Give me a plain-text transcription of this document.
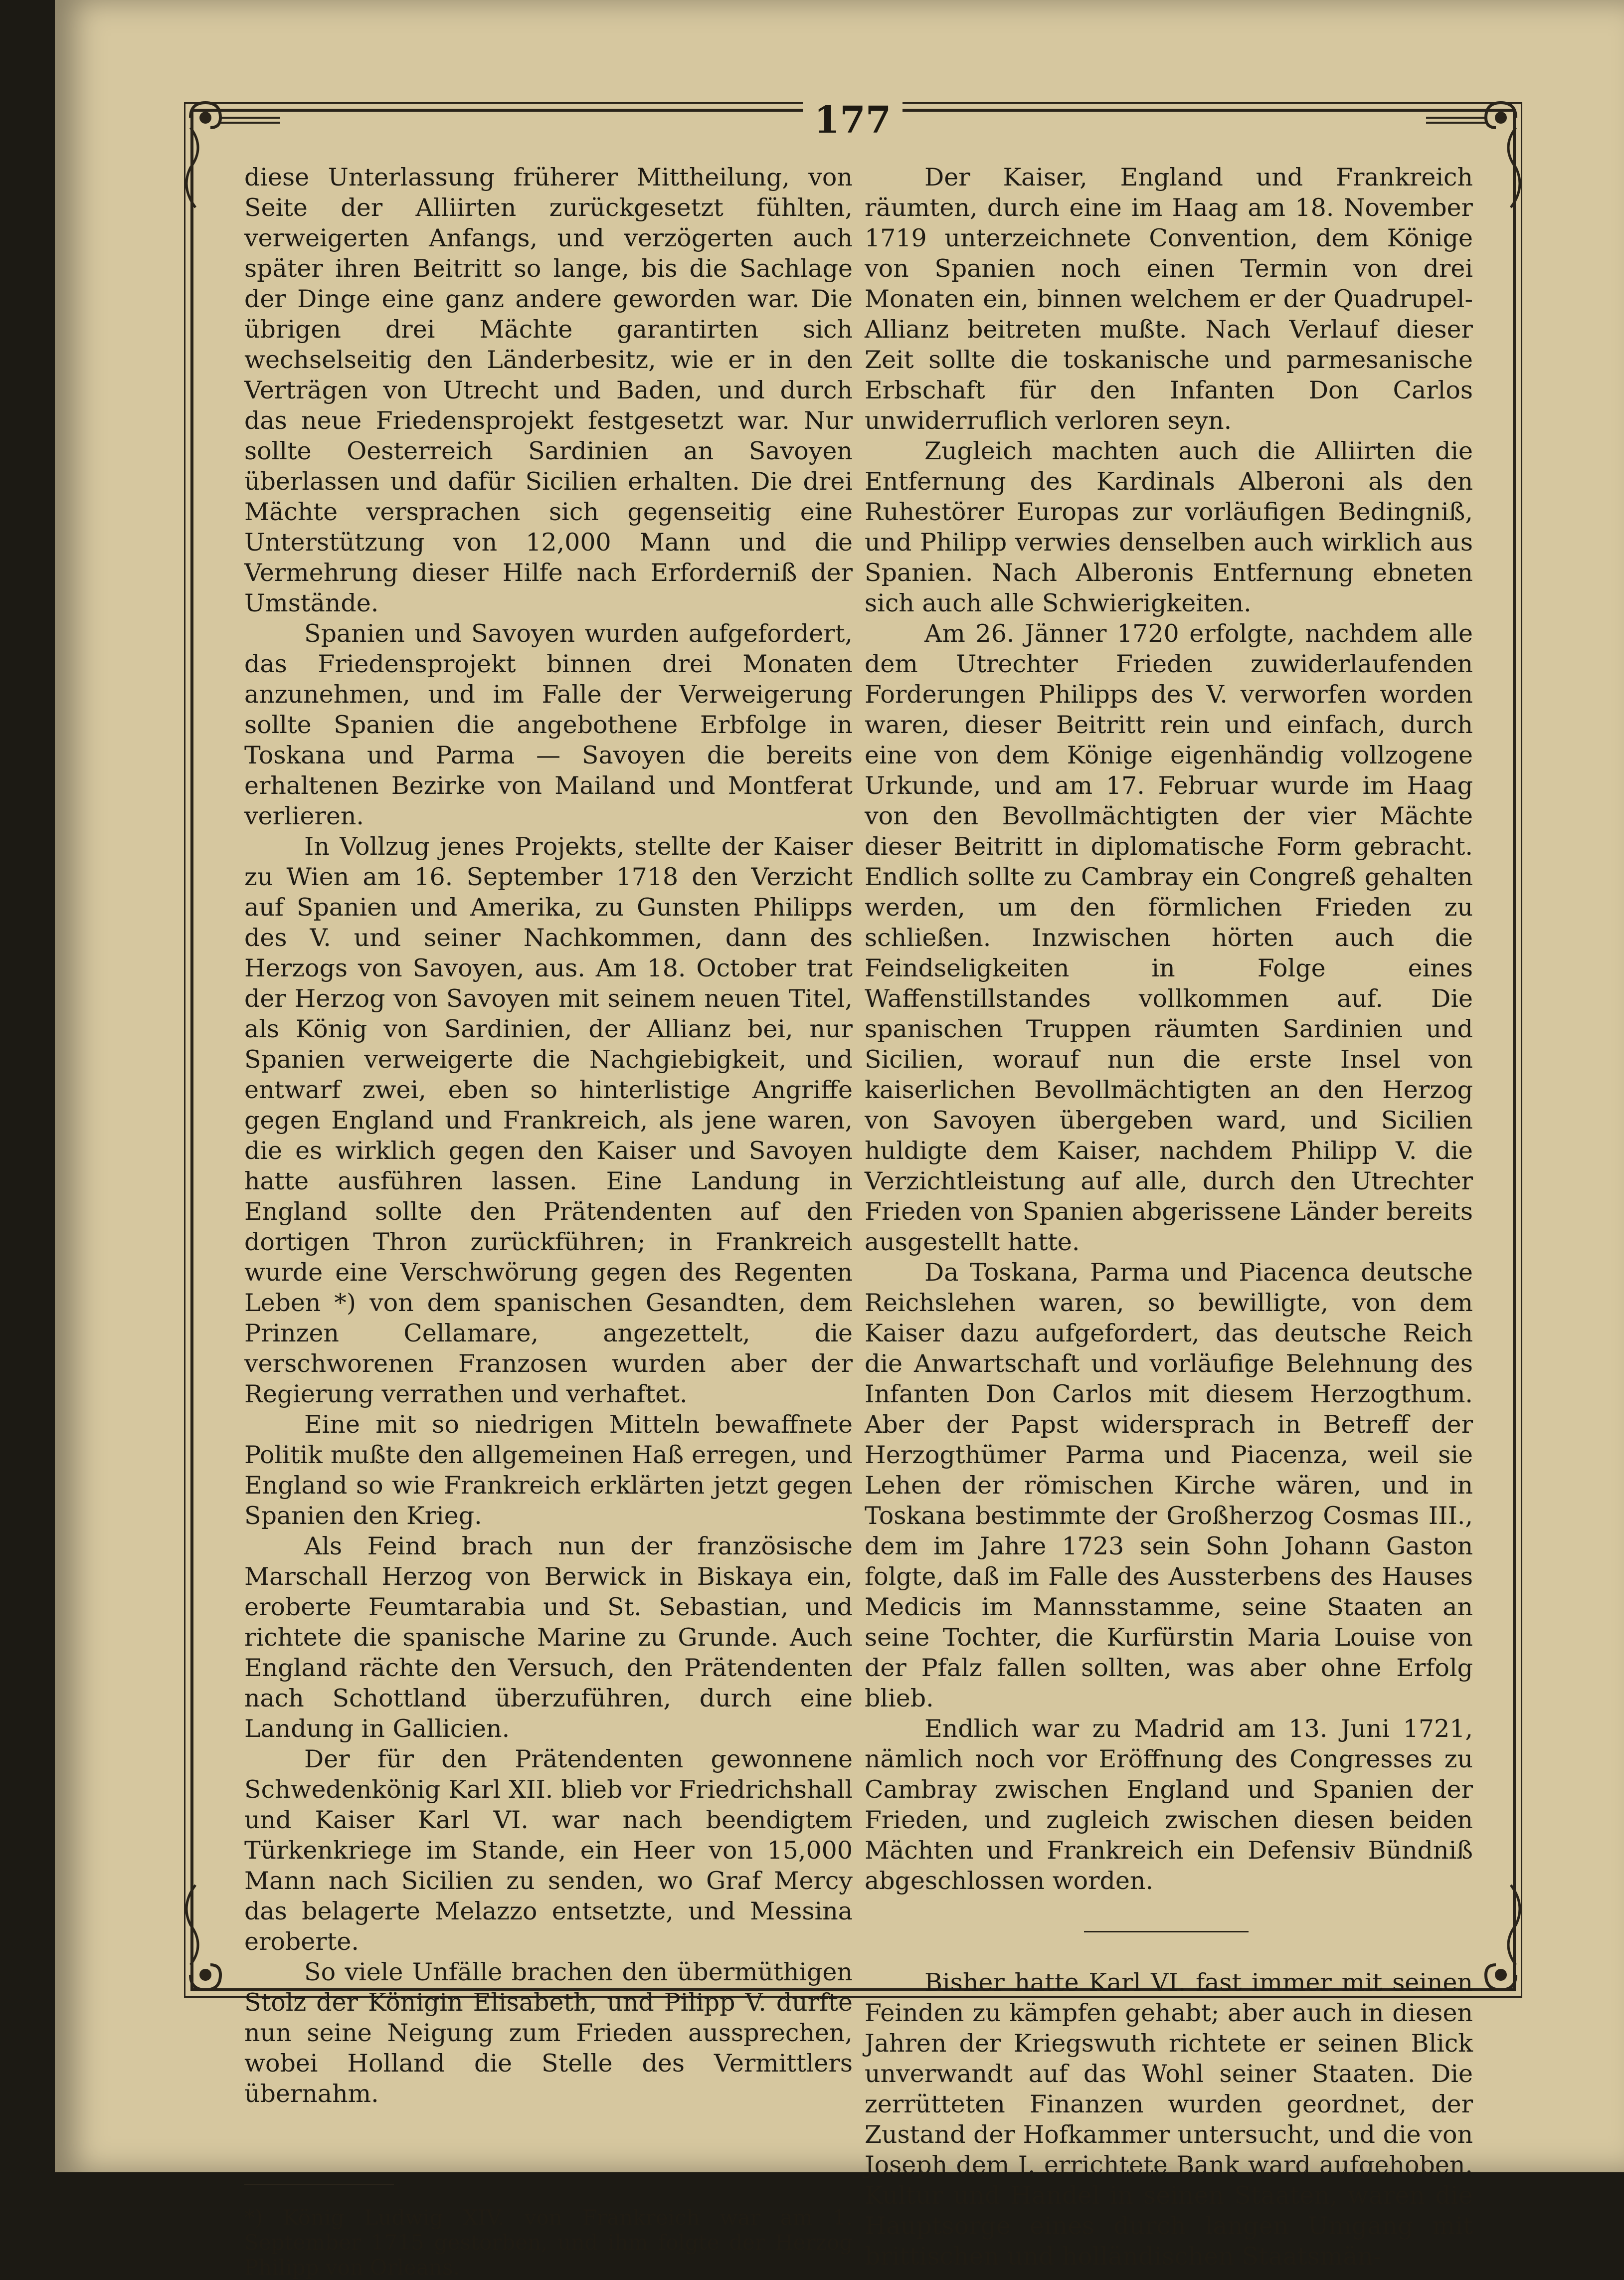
177

diese Unterlassung früherer Mittheilung, von Seite der Alliirten zurückgesetzt fühlten, verweigerten Anfangs, und verzögerten auch später ihren Beitritt so lange, bis die Sachlage der Dinge eine ganz andere geworden war. Die übrigen drei Mächte garantirten sich wechselseitig den Länderbesitz, wie er in den Verträgen von Utrecht und Baden, und durch das neue Friedensprojekt festgesetzt war. Nur sollte Oesterreich Sardinien an Savoyen überlassen und dafür Sicilien erhalten. Die drei Mächte versprachen sich gegenseitig eine Unterstützung von 12,000 Mann und die Vermehrung dieser Hilfe nach Erforderniß der Umstände.

Spanien und Savoyen wurden aufgefordert, das Friedensprojekt binnen drei Monaten anzunehmen, und im Falle der Verweigerung sollte Spanien die angebothene Erbfolge in Toskana und Parma — Savoyen die bereits erhaltenen Bezirke von Mailand und Montferat verlieren.

In Vollzug jenes Projekts, stellte der Kaiser zu Wien am 16. September 1718 den Verzicht auf Spanien und Amerika, zu Gunsten Philipps des V. und seiner Nachkommen, dann des Herzogs von Savoyen, aus. Am 18. October trat der Herzog von Savoyen mit seinem neuen Titel, als König von Sardinien, der Allianz bei, nur Spanien verweigerte die Nachgiebigkeit, und entwarf zwei, eben so hinterlistige Angriffe gegen England und Frankreich, als jene waren, die es wirklich gegen den Kaiser und Savoyen hatte ausführen lassen. Eine Landung in England sollte den Prätendenten auf den dortigen Thron zurückführen; in Frankreich wurde eine Verschwörung gegen des Regenten Leben *) von dem spanischen Gesandten, dem Prinzen Cellamare, angezettelt, die verschworenen Franzosen wurden aber der Regierung verrathen und verhaftet.

Eine mit so niedrigen Mitteln bewaffnete Politik mußte den allgemeinen Haß erregen, und England so wie Frankreich erklärten jetzt gegen Spanien den Krieg.

Als Feind brach nun der französische Marschall Herzog von Berwick in Biskaya ein, eroberte Feumtarabia und St. Sebastian, und richtete die spanische Marine zu Grunde. Auch England rächte den Versuch, den Prätendenten nach Schottland überzuführen, durch eine Landung in Gallicien.

Der für den Prätendenten gewonnene Schwedenkönig Karl XII. blieb vor Friedrichshall und Kaiser Karl VI. war nach beendigtem Türkenkriege im Stande, ein Heer von 15,000 Mann nach Sicilien zu senden, wo Graf Mercy das belagerte Melazzo entsetzte, und Messina eroberte.

So viele Unfälle brachen den übermüthigen Stolz der Königin Elisabeth, und Pilipp V. durfte nun seine Neigung zum Frieden aussprechen, wobei Holland die Stelle des Vermittlers übernahm.

*) König Ludwig XIV. von Frankreich war am 1. September 1715 gestorben, und ihm folgte der Herzog Philipp von Orleans.

Der Kaiser, England und Frankreich räumten, durch eine im Haag am 18. November 1719 unterzeichnete Convention, dem Könige von Spanien noch einen Termin von drei Monaten ein, binnen welchem er der Quadrupel-Allianz beitreten mußte. Nach Verlauf dieser Zeit sollte die toskanische und parmesanische Erbschaft für den Infanten Don Carlos unwiderruflich verloren seyn.

Zugleich machten auch die Alliirten die Entfernung des Kardinals Alberoni als den Ruhestörer Europas zur vorläufigen Bedingniß, und Philipp verwies denselben auch wirklich aus Spanien. Nach Alberonis Entfernung ebneten sich auch alle Schwierigkeiten.

Am 26. Jänner 1720 erfolgte, nachdem alle dem Utrechter Frieden zuwiderlaufenden Forderungen Philipps des V. verworfen worden waren, dieser Beitritt rein und einfach, durch eine von dem Könige eigenhändig vollzogene Urkunde, und am 17. Februar wurde im Haag von den Bevollmächtigten der vier Mächte dieser Beitritt in diplomatische Form gebracht. Endlich sollte zu Cambray ein Congreß gehalten werden, um den förmlichen Frieden zu schließen. Inzwischen hörten auch die Feindseligkeiten in Folge eines Waffenstillstandes vollkommen auf. Die spanischen Truppen räumten Sardinien und Sicilien, worauf nun die erste Insel von kaiserlichen Bevollmächtigten an den Herzog von Savoyen übergeben ward, und Sicilien huldigte dem Kaiser, nachdem Philipp V. die Verzichtleistung auf alle, durch den Utrechter Frieden von Spanien abgerissene Länder bereits ausgestellt hatte.

Da Toskana, Parma und Piacenca deutsche Reichslehen waren, so bewilligte, von dem Kaiser dazu aufgefordert, das deutsche Reich die Anwartschaft und vorläufige Belehnung des Infanten Don Carlos mit diesem Herzogthum. Aber der Papst widersprach in Betreff der Herzogthümer Parma und Piacenza, weil sie Lehen der römischen Kirche wären, und in Toskana bestimmte der Großherzog Cosmas III., dem im Jahre 1723 sein Sohn Johann Gaston folgte, daß im Falle des Aussterbens des Hauses Medicis im Mannsstamme, seine Staaten an seine Tochter, die Kurfürstin Maria Louise von der Pfalz fallen sollten, was aber ohne Erfolg blieb.

Endlich war zu Madrid am 13. Juni 1721, nämlich noch vor Eröffnung des Congresses zu Cambray zwischen England und Spanien der Frieden, und zugleich zwischen diesen beiden Mächten und Frankreich ein Defensiv Bündniß abgeschlossen worden.

Bisher hatte Karl VI. fast immer mit seinen Feinden zu kämpfen gehabt; aber auch in diesen Jahren der Kriegswuth richtete er seinen Blick unverwandt auf das Wohl seiner Staaten. Die zerrütteten Finanzen wurden geordnet, der Zustand der Hofkammer untersucht, und die von Joseph dem I. errichtete Bank ward aufgehoben. Kultur und Handel in seinen Staaten, waren die Hauptsorge eines durch langen Umgang mit brittischen und holländischen Staatsmän-
